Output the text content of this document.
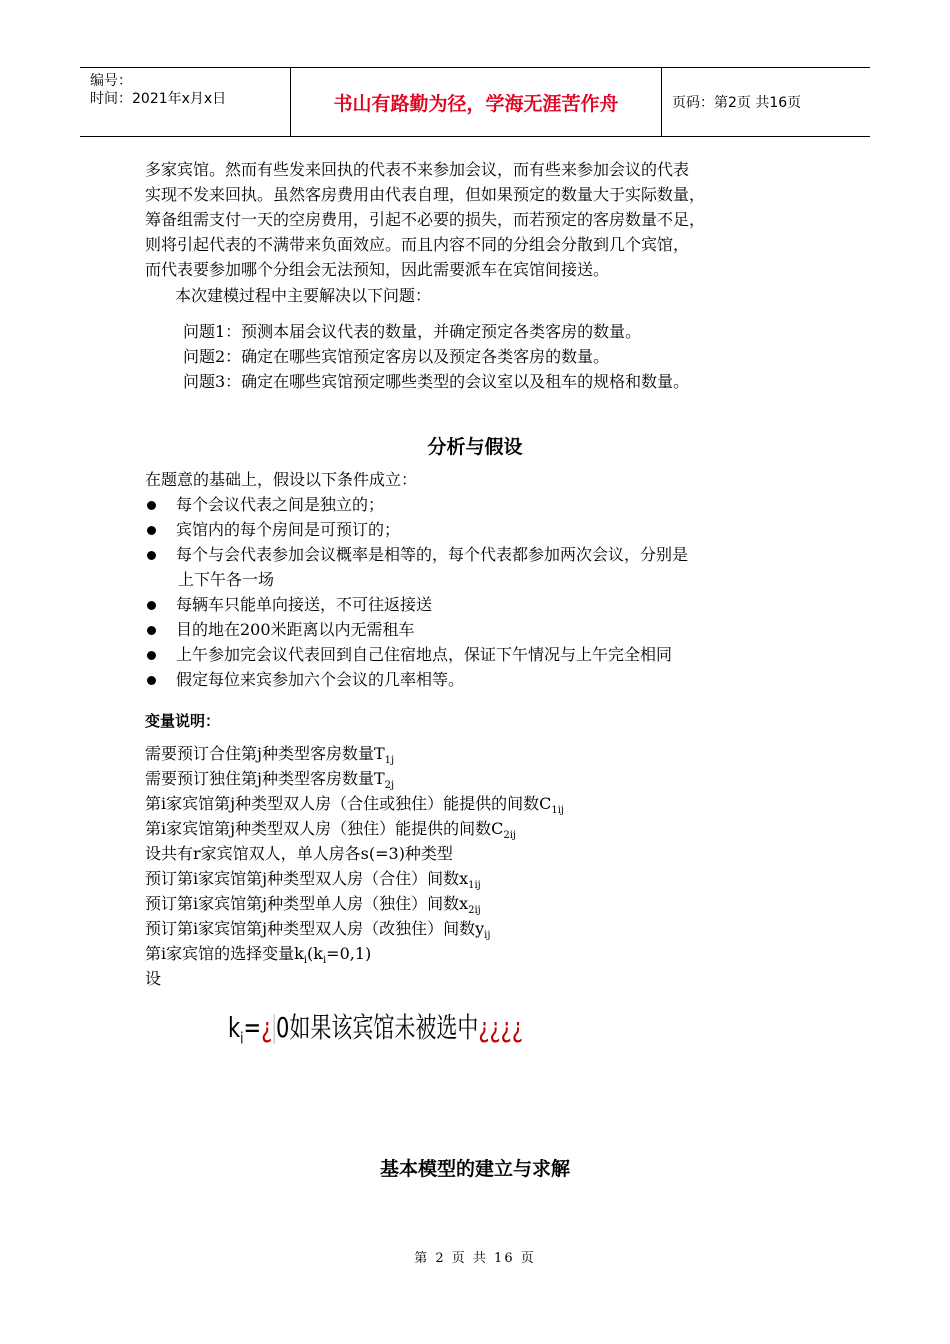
编号：
时间：2021年x月x日	书山有路勤为径，学海无涯苦作舟	页码：第2页 共16页
多家宾馆。然而有些发来回执的代表不来参加会议，而有些来参加会议的代表
实现不发来回执。虽然客房费用由代表自理，但如果预定的数量大于实际数量，
筹备组需支付一天的空房费用，引起不必要的损失，而若预定的客房数量不足，
则将引起代表的不满带来负面效应。而且内容不同的分组会分散到几个宾馆，
而代表要参加哪个分组会无法预知，因此需要派车在宾馆间接送。
本次建模过程中主要解决以下问题：
问题1：预测本届会议代表的数量，并确定预定各类客房的数量。
问题2：确定在哪些宾馆预定客房以及预定各类客房的数量。
问题3：确定在哪些宾馆预定哪些类型的会议室以及租车的规格和数量。
分析与假设
在题意的基础上，假设以下条件成立：
每个会议代表之间是独立的；
宾馆内的每个房间是可预订的；
每个与会代表参加会议概率是相等的，每个代表都参加两次会议，分别是
上下午各一场
每辆车只能单向接送，不可往返接送
目的地在200米距离以内无需租车
上午参加完会议代表回到自己住宿地点，保证下午情况与上午完全相同
假定每位来宾参加六个会议的几率相等。
变量说明：
需要预订合住第j种类型客房数量$T_{1j}$
需要预订独住第j种类型客房数量$T_{2j}$
第i家宾馆第j种类型双人房（合住或独住）能提供的间数$C_{1ij}$
第i家宾馆第j种类型双人房（独住）能提供的间数$C_{2ij}$
设共有r家宾馆双人，单人房各s(=3)种类型
预订第i家宾馆第j种类型双人房（合住）间数$x_{1ij}$
预订第i家宾馆第j种类型单人房（独住）间数$x_{2ij}$
预订第i家宾馆第j种类型双人房（改独住）间数$y_{ij}$
第i家宾馆的选择变量$k_i(k_i=0,1)$
设
$k_i=¿$ 0如果该宾馆未被选中¿¿¿¿
基本模型的建立与求解
第 2 页 共 16 页
